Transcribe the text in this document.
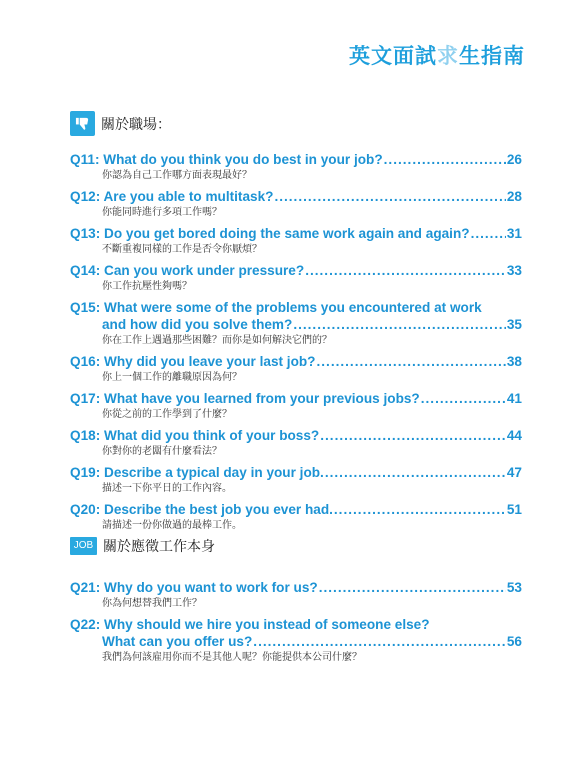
英文面試求生指南
關於職場：
Q11: What do you think you do best in your job? .....	26
你認為自己工作哪方面表現最好？
Q12: Are you able to multitask? .....	28
你能同時進行多項工作嗎？
Q13: Do you get bored doing the same work again and again? .....	31
不斷重複同樣的工作是否令你厭煩？
Q14: Can you work under pressure? .....	33
你工作抗壓性夠嗎？
Q15: What were some of the problems you encountered at work
and how did you solve them? .....	35
你在工作上遇過那些困難？而你是如何解決它們的？
Q16: Why did you leave your last job? .....	38
你上一個工作的離職原因為何？
Q17: What have you learned from your previous jobs? .....	41
你從之前的工作學到了什麼？
Q18: What did you think of your boss? .....	44
你對你的老闆有什麼看法？
Q19: Describe a typical day in your job. .....	47
描述一下你平日的工作內容。
Q20: Describe the best job you ever had. .....	51
請描述一份你做過的最棒工作。
JOB 關於應徵工作本身
Q21: Why do you want to work for us? .....	53
你為何想替我們工作？
Q22: Why should we hire you instead of someone else?
What can you offer us? .....	56
我們為何該雇用你而不是其他人呢？你能提供本公司什麼？
